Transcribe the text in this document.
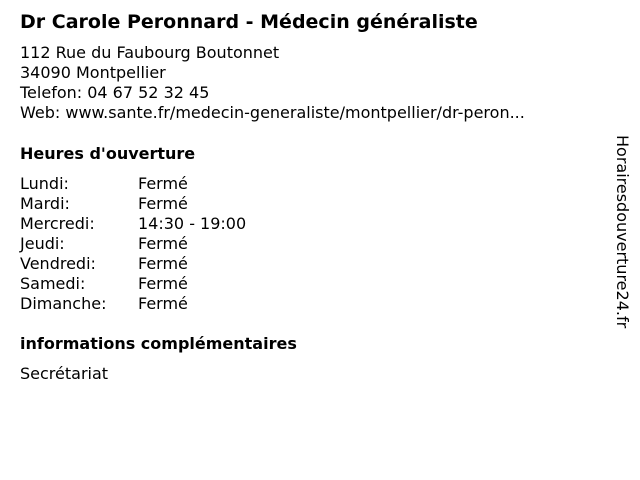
Dr Carole Peronnard - Médecin généraliste
112 Rue du Faubourg Boutonnet
34090 Montpellier
Telefon: 04 67 52 32 45
Web: www.sante.fr/medecin-generaliste/montpellier/dr-peron...
Heures d'ouverture
Lundi:	Fermé
Mardi:	Fermé
Mercredi:	14:30 - 19:00
Jeudi:	Fermé
Vendredi:	Fermé
Samedi:	Fermé
Dimanche: Fermé
informations complémentaires
Secrétariat
Horairesdouverture24.fr
